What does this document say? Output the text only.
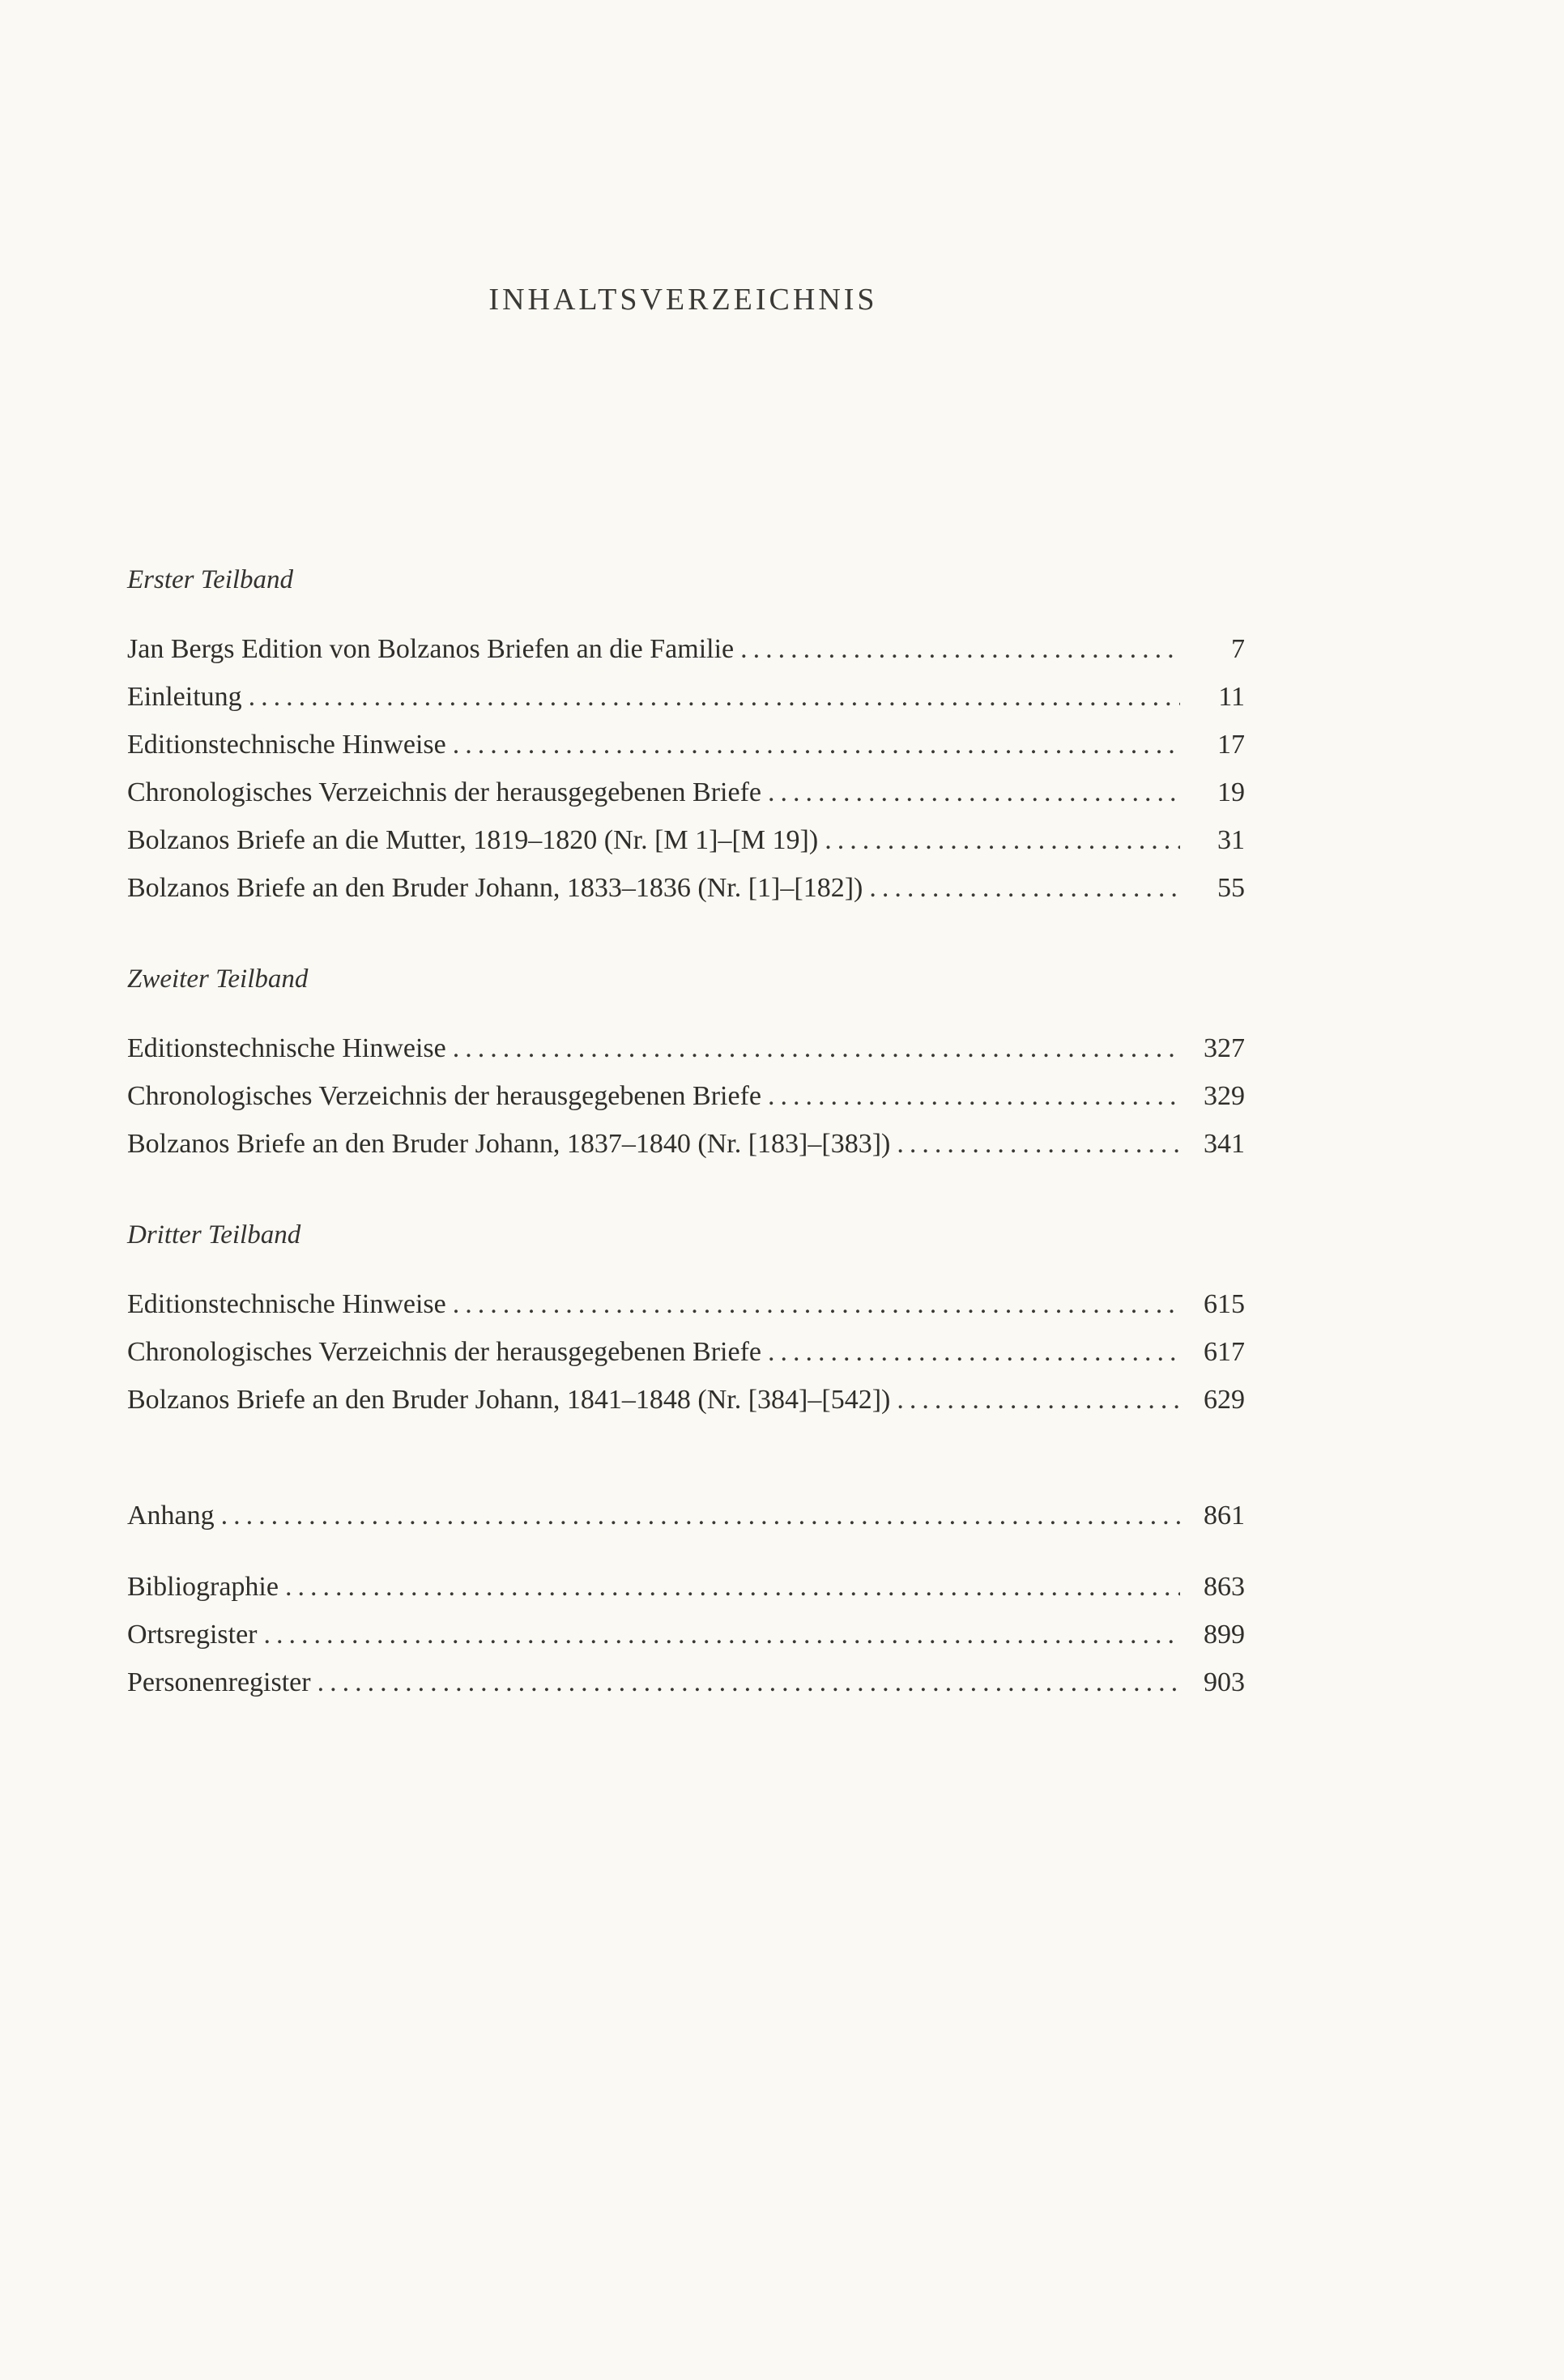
INHALTSVERZEICHNIS
Erster Teilband
Jan Bergs Edition von Bolzanos Briefen an die Familie .....	7
Einleitung .....	11
Editionstechnische Hinweise .....	17
Chronologisches Verzeichnis der herausgegebenen Briefe .....	19
Bolzanos Briefe an die Mutter, 1819–1820 (Nr. [M 1]–[M 19]) .....	31
Bolzanos Briefe an den Bruder Johann, 1833–1836 (Nr. [1]–[182]) .....	55
Zweiter Teilband
Editionstechnische Hinweise .....	327
Chronologisches Verzeichnis der herausgegebenen Briefe .....	329
Bolzanos Briefe an den Bruder Johann, 1837–1840 (Nr. [183]–[383]) .....	341
Dritter Teilband
Editionstechnische Hinweise .....	615
Chronologisches Verzeichnis der herausgegebenen Briefe .....	617
Bolzanos Briefe an den Bruder Johann, 1841–1848 (Nr. [384]–[542]) .....	629
Anhang .....	861
Bibliographie .....	863
Ortsregister .....	899
Personenregister .....	903
